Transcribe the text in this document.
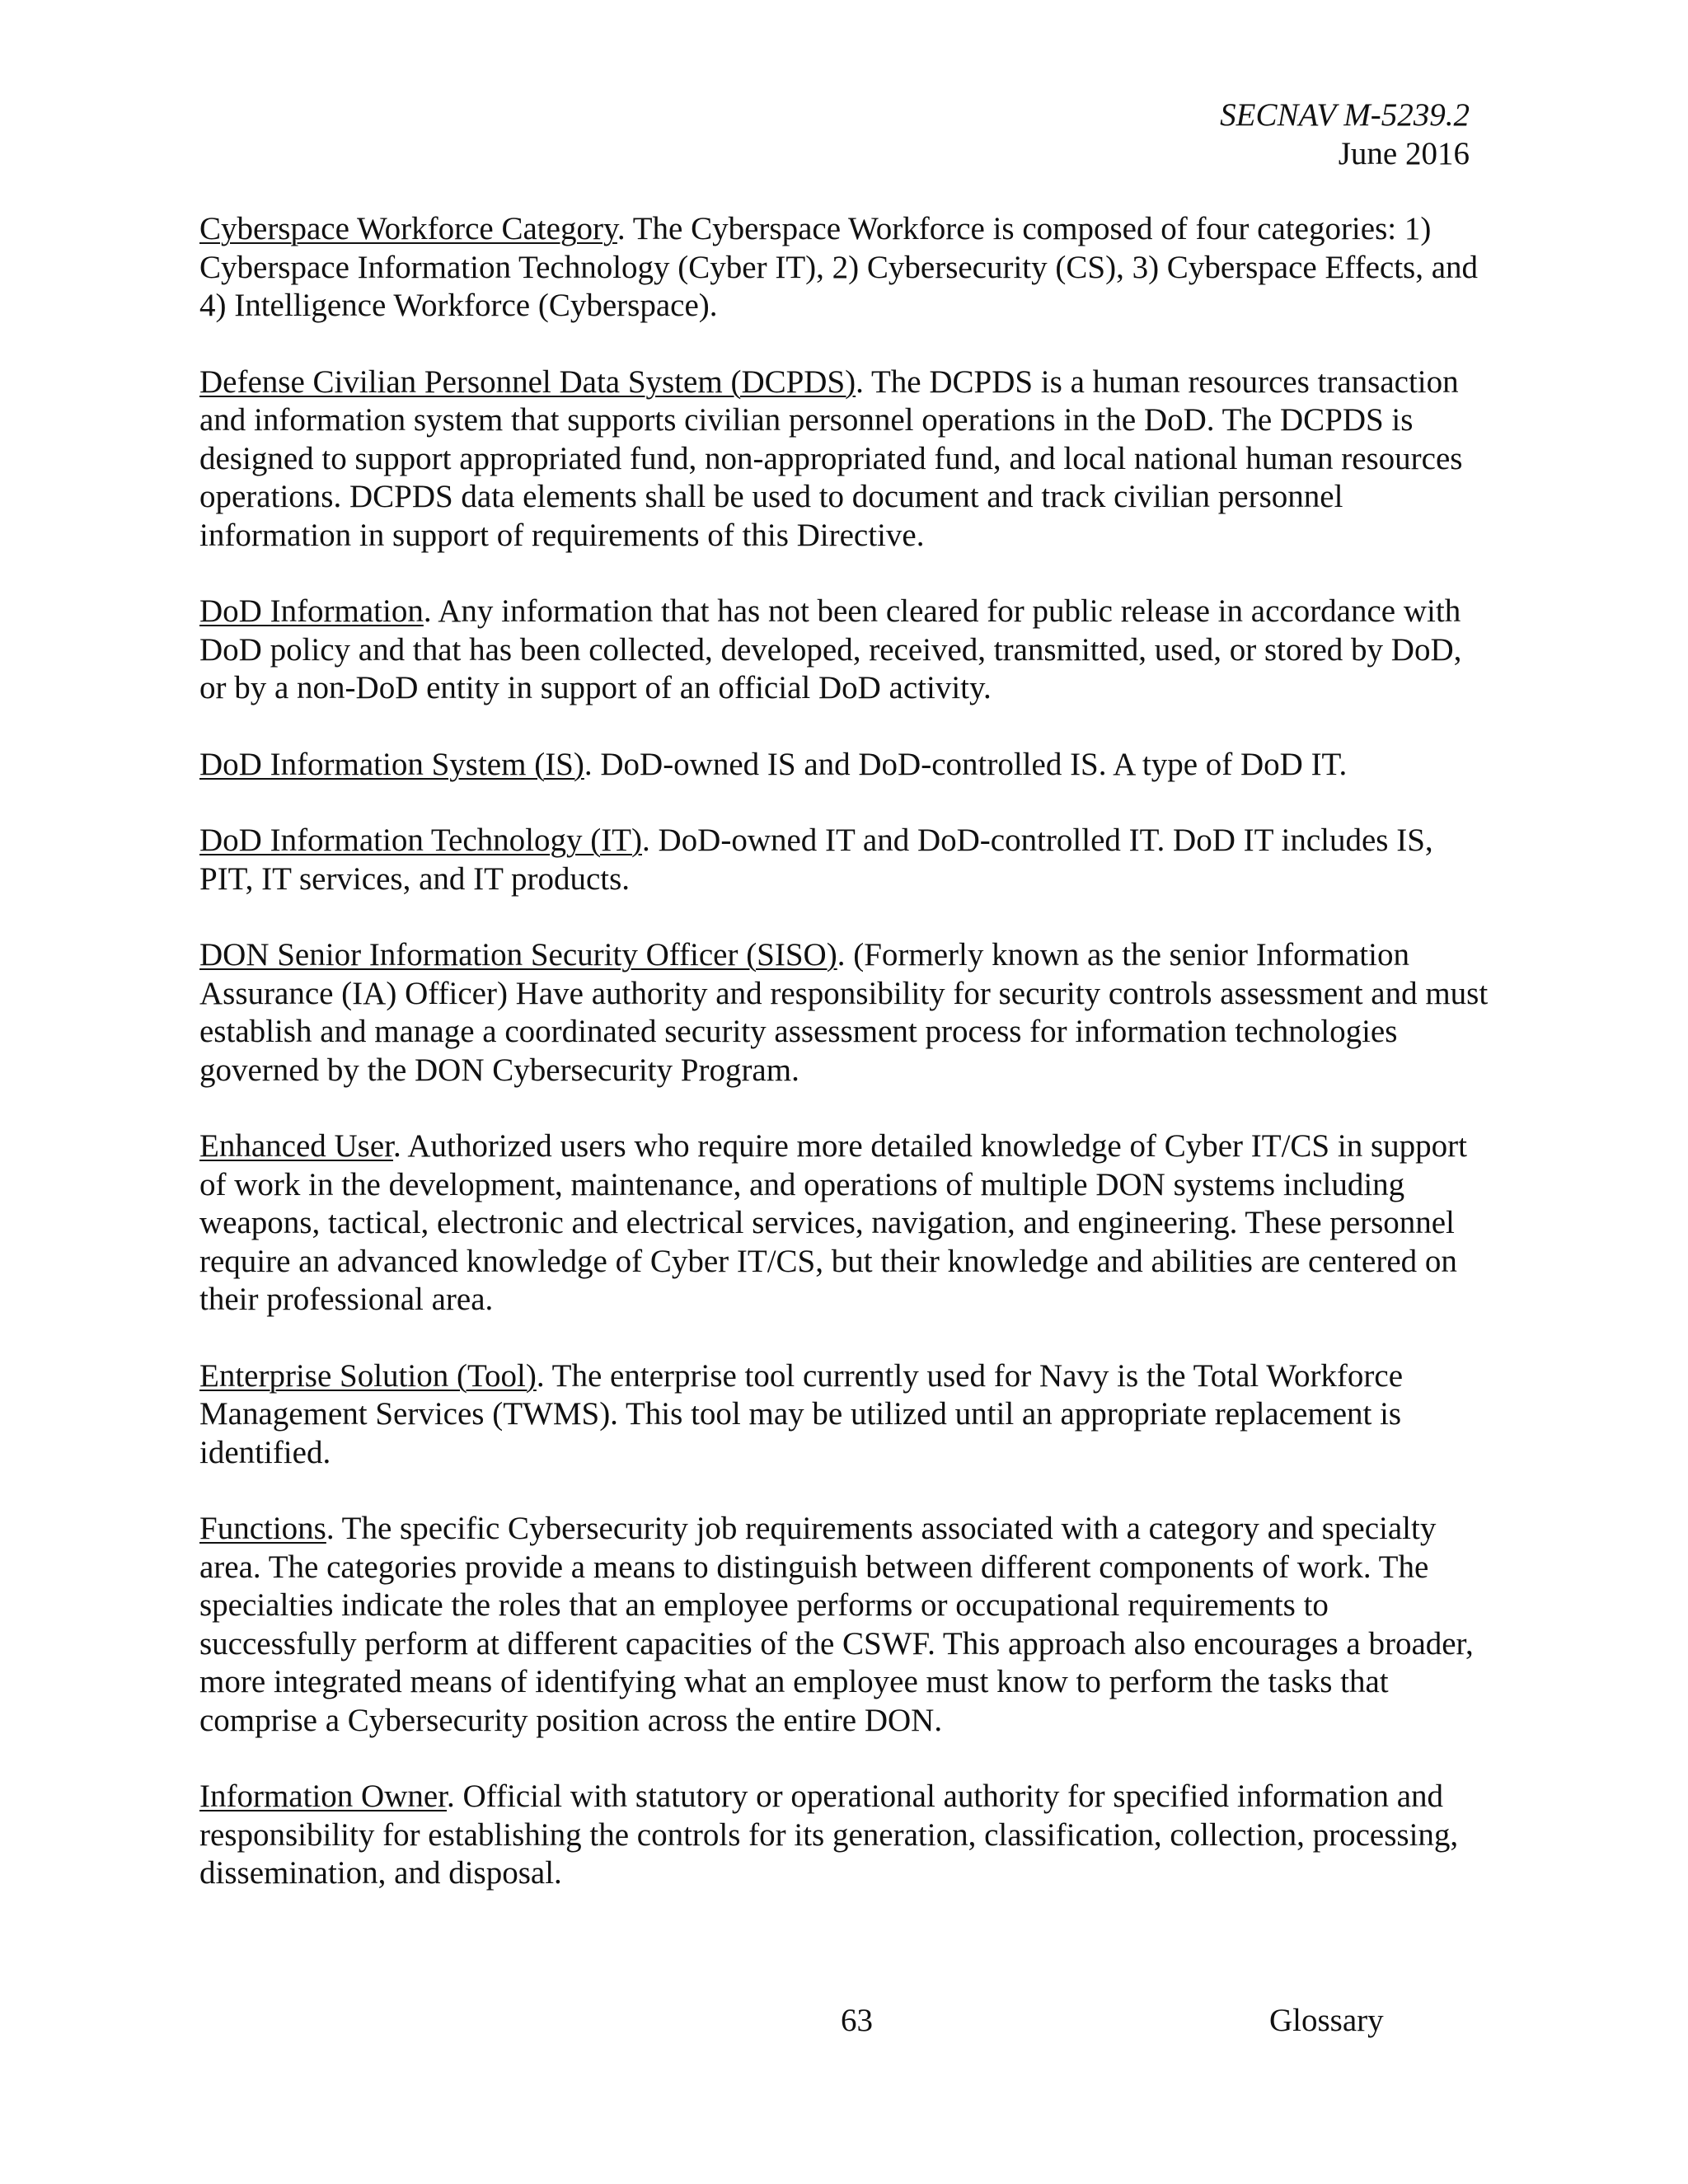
SECNAV M-5239.2
June 2016

Cyberspace Workforce Category. The Cyberspace Workforce is composed of four categories: 1) Cyberspace Information Technology (Cyber IT), 2) Cybersecurity (CS), 3) Cyberspace Effects, and 4) Intelligence Workforce (Cyberspace).

Defense Civilian Personnel Data System (DCPDS). The DCPDS is a human resources transaction and information system that supports civilian personnel operations in the DoD. The DCPDS is designed to support appropriated fund, non-appropriated fund, and local national human resources operations. DCPDS data elements shall be used to document and track civilian personnel information in support of requirements of this Directive.

DoD Information. Any information that has not been cleared for public release in accordance with DoD policy and that has been collected, developed, received, transmitted, used, or stored by DoD, or by a non-DoD entity in support of an official DoD activity.

DoD Information System (IS). DoD-owned IS and DoD-controlled IS. A type of DoD IT.

DoD Information Technology (IT). DoD-owned IT and DoD-controlled IT. DoD IT includes IS, PIT, IT services, and IT products.

DON Senior Information Security Officer (SISO). (Formerly known as the senior Information Assurance (IA) Officer) Have authority and responsibility for security controls assessment and must establish and manage a coordinated security assessment process for information technologies governed by the DON Cybersecurity Program.

Enhanced User. Authorized users who require more detailed knowledge of Cyber IT/CS in support of work in the development, maintenance, and operations of multiple DON systems including weapons, tactical, electronic and electrical services, navigation, and engineering. These personnel require an advanced knowledge of Cyber IT/CS, but their knowledge and abilities are centered on their professional area.

Enterprise Solution (Tool). The enterprise tool currently used for Navy is the Total Workforce Management Services (TWMS). This tool may be utilized until an appropriate replacement is identified.

Functions. The specific Cybersecurity job requirements associated with a category and specialty area. The categories provide a means to distinguish between different components of work. The specialties indicate the roles that an employee performs or occupational requirements to successfully perform at different capacities of the CSWF. This approach also encourages a broader, more integrated means of identifying what an employee must know to perform the tasks that comprise a Cybersecurity position across the entire DON.

Information Owner. Official with statutory or operational authority for specified information and responsibility for establishing the controls for its generation, classification, collection, processing, dissemination, and disposal.

63	Glossary
